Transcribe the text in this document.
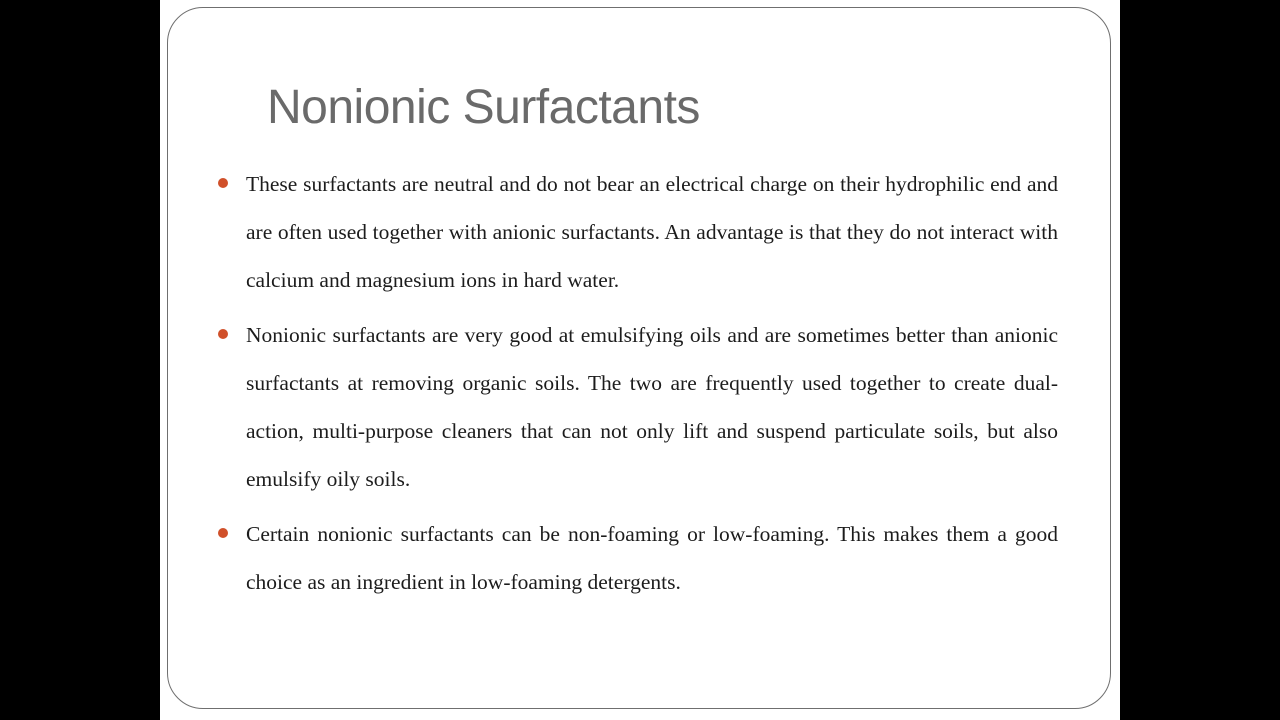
Nonionic Surfactants
These surfactants are neutral and do not bear an electrical charge on their hydrophilic end and are often used together with anionic surfactants. An advantage is that they do not interact with calcium and magnesium ions in hard water.
Nonionic surfactants are very good at emulsifying oils and are sometimes better than anionic surfactants at removing organic soils. The two are frequently used together to create dual-action, multi-purpose cleaners that can not only lift and suspend particulate soils, but also emulsify oily soils.
Certain nonionic surfactants can be non-foaming or low-foaming. This makes them a good choice as an ingredient in low-foaming detergents.
